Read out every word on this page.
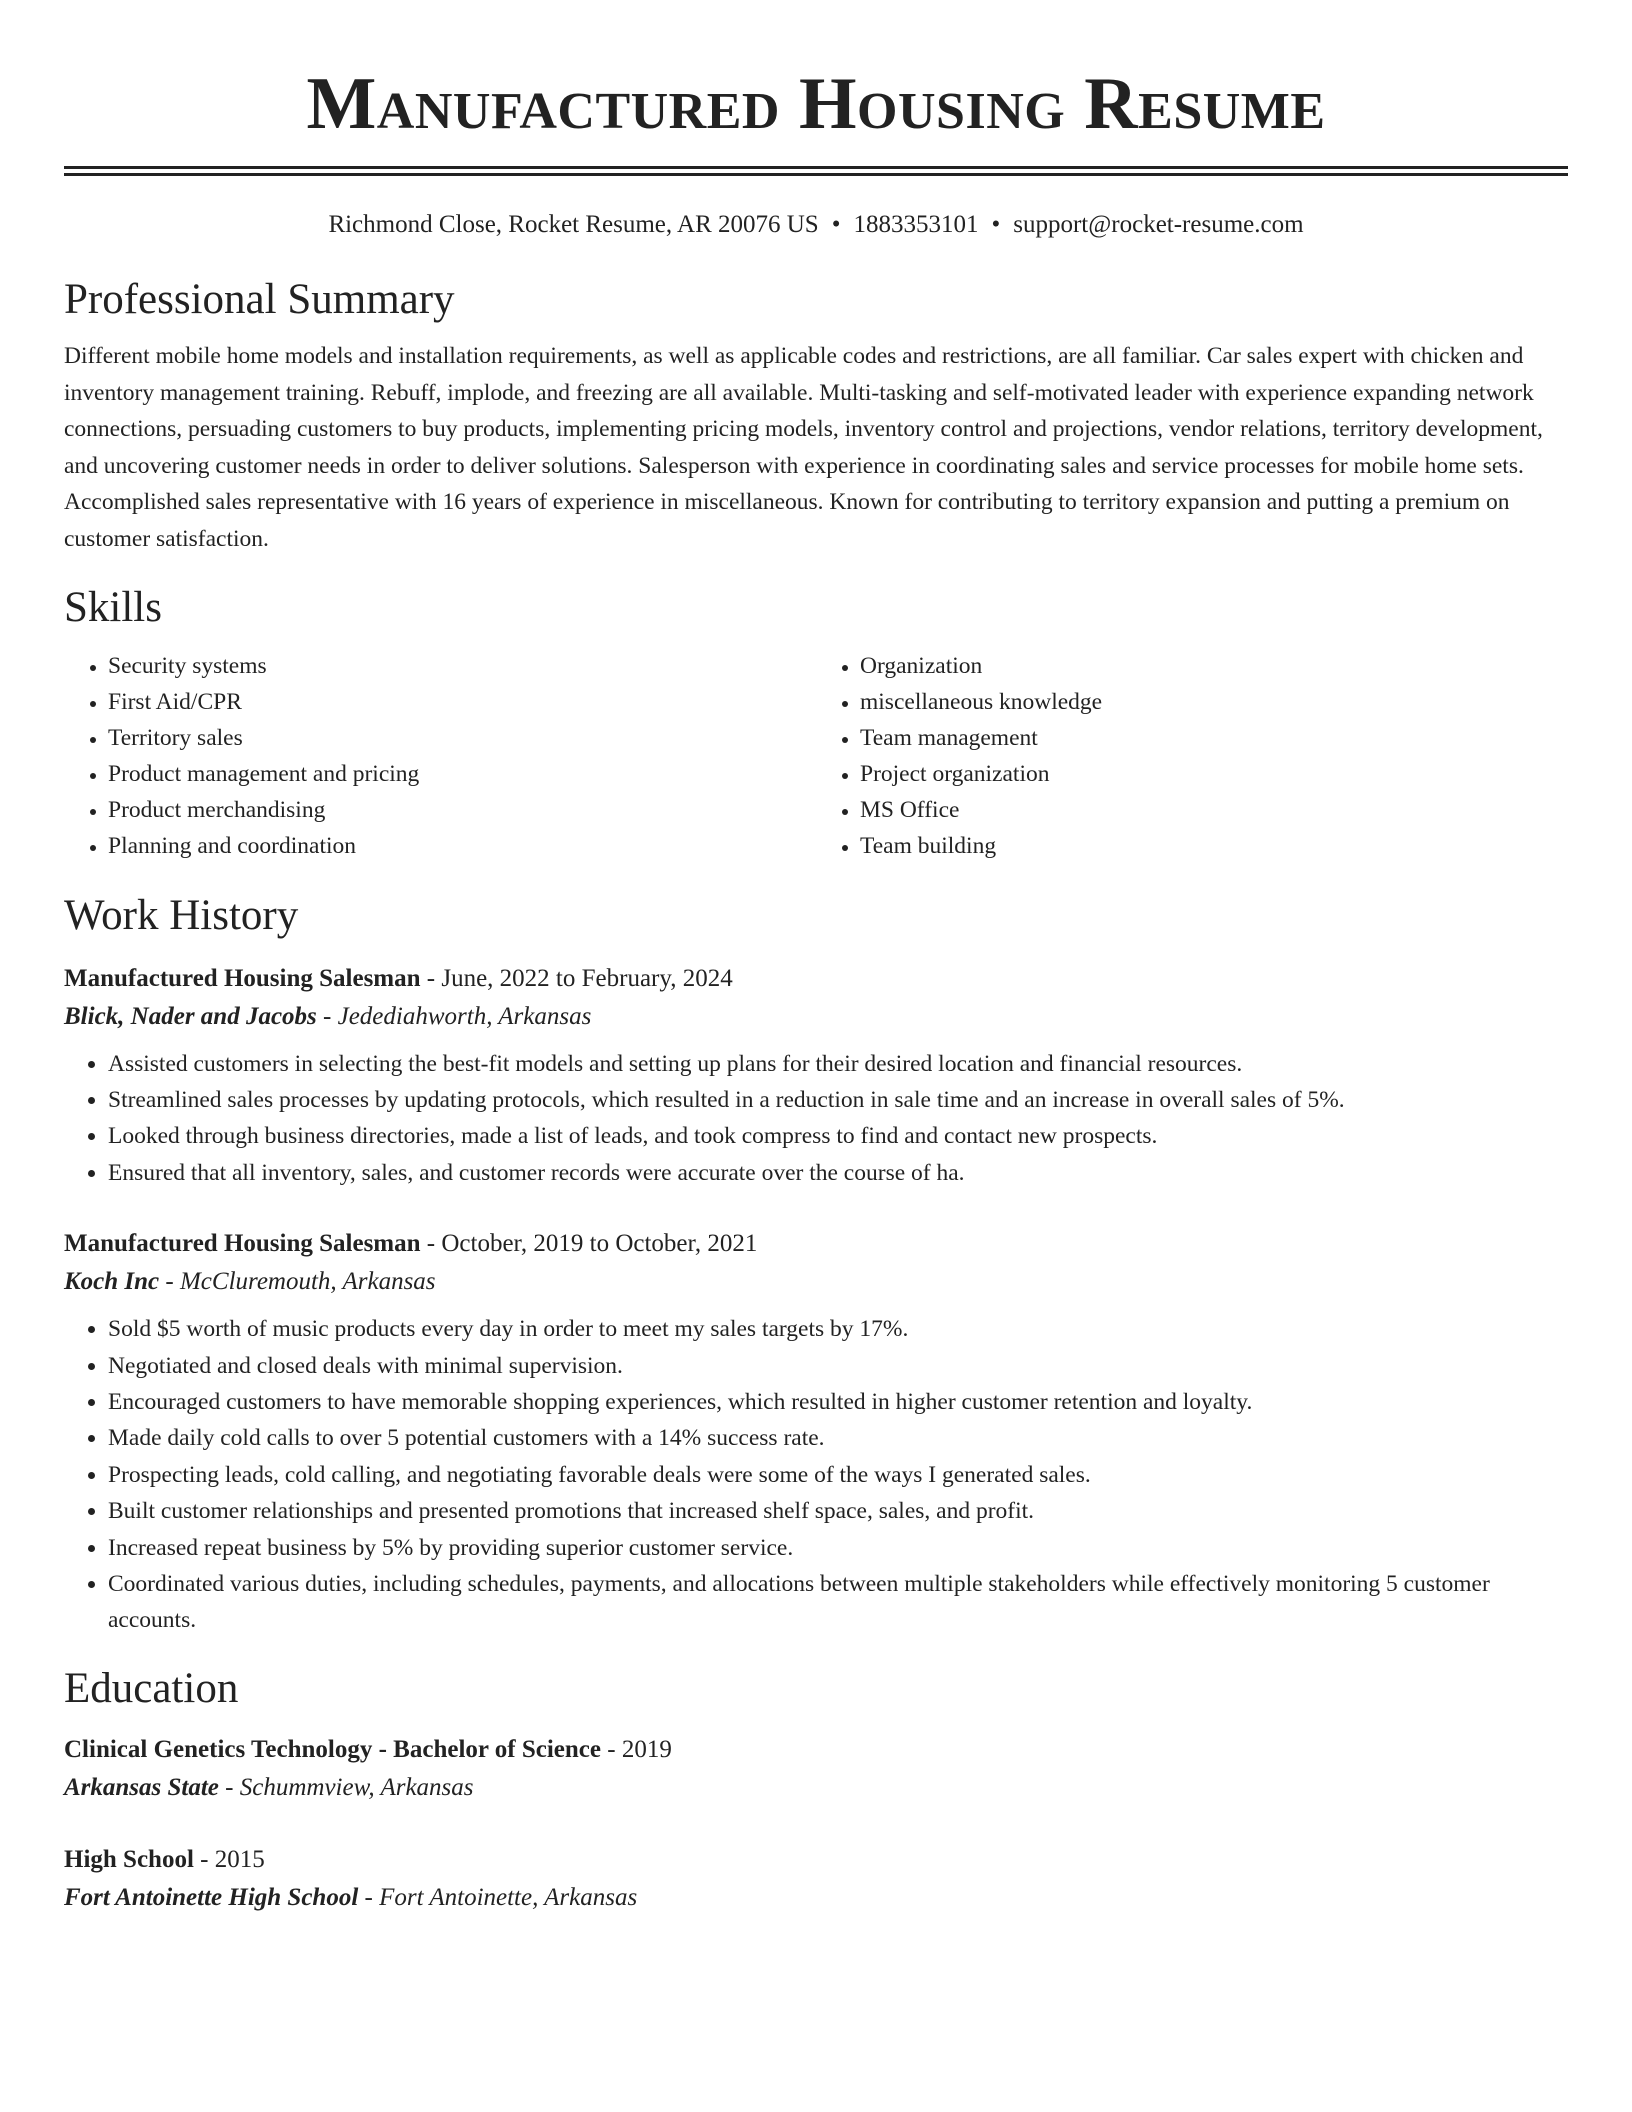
Manufactured Housing Resume
Richmond Close, Rocket Resume, AR 20076 US • 1883353101 • support@rocket-resume.com
Professional Summary

Different mobile home models and installation requirements, as well as applicable codes and restrictions, are all familiar. Car sales expert with chicken and inventory management training. Rebuff, implode, and freezing are all available. Multi-tasking and self-motivated leader with experience expanding network connections, persuading customers to buy products, implementing pricing models, inventory control and projections, vendor relations, territory development, and uncovering customer needs in order to deliver solutions. Salesperson with experience in coordinating sales and service processes for mobile home sets. Accomplished sales representative with 16 years of experience in miscellaneous. Known for contributing to territory expansion and putting a premium on customer satisfaction.

Skills
• Security systems
• First Aid/CPR
• Territory sales
• Product management and pricing
• Product merchandising
• Planning and coordination
• Organization
• miscellaneous knowledge
• Team management
• Project organization
• MS Office
• Team building
Work History
Manufactured Housing Salesman - June, 2022 to February, 2024
Blick, Nader and Jacobs - Jedediahworth, Arkansas
• Assisted customers in selecting the best-fit models and setting up plans for their desired location and financial resources.
• Streamlined sales processes by updating protocols, which resulted in a reduction in sale time and an increase in overall sales of 5%.
• Looked through business directories, made a list of leads, and took compress to find and contact new prospects.
• Ensured that all inventory, sales, and customer records were accurate over the course of ha.
Manufactured Housing Salesman - October, 2019 to October, 2021
Koch Inc - McCluremouth, Arkansas
• Sold $5 worth of music products every day in order to meet my sales targets by 17%.
• Negotiated and closed deals with minimal supervision.
• Encouraged customers to have memorable shopping experiences, which resulted in higher customer retention and loyalty.
• Made daily cold calls to over 5 potential customers with a 14% success rate.
• Prospecting leads, cold calling, and negotiating favorable deals were some of the ways I generated sales.
• Built customer relationships and presented promotions that increased shelf space, sales, and profit.
• Increased repeat business by 5% by providing superior customer service.
• Coordinated various duties, including schedules, payments, and allocations between multiple stakeholders while effectively monitoring 5 customer accounts.
Education
Clinical Genetics Technology - Bachelor of Science - 2019
Arkansas State - Schummview, Arkansas
High School - 2015
Fort Antoinette High School - Fort Antoinette, Arkansas
